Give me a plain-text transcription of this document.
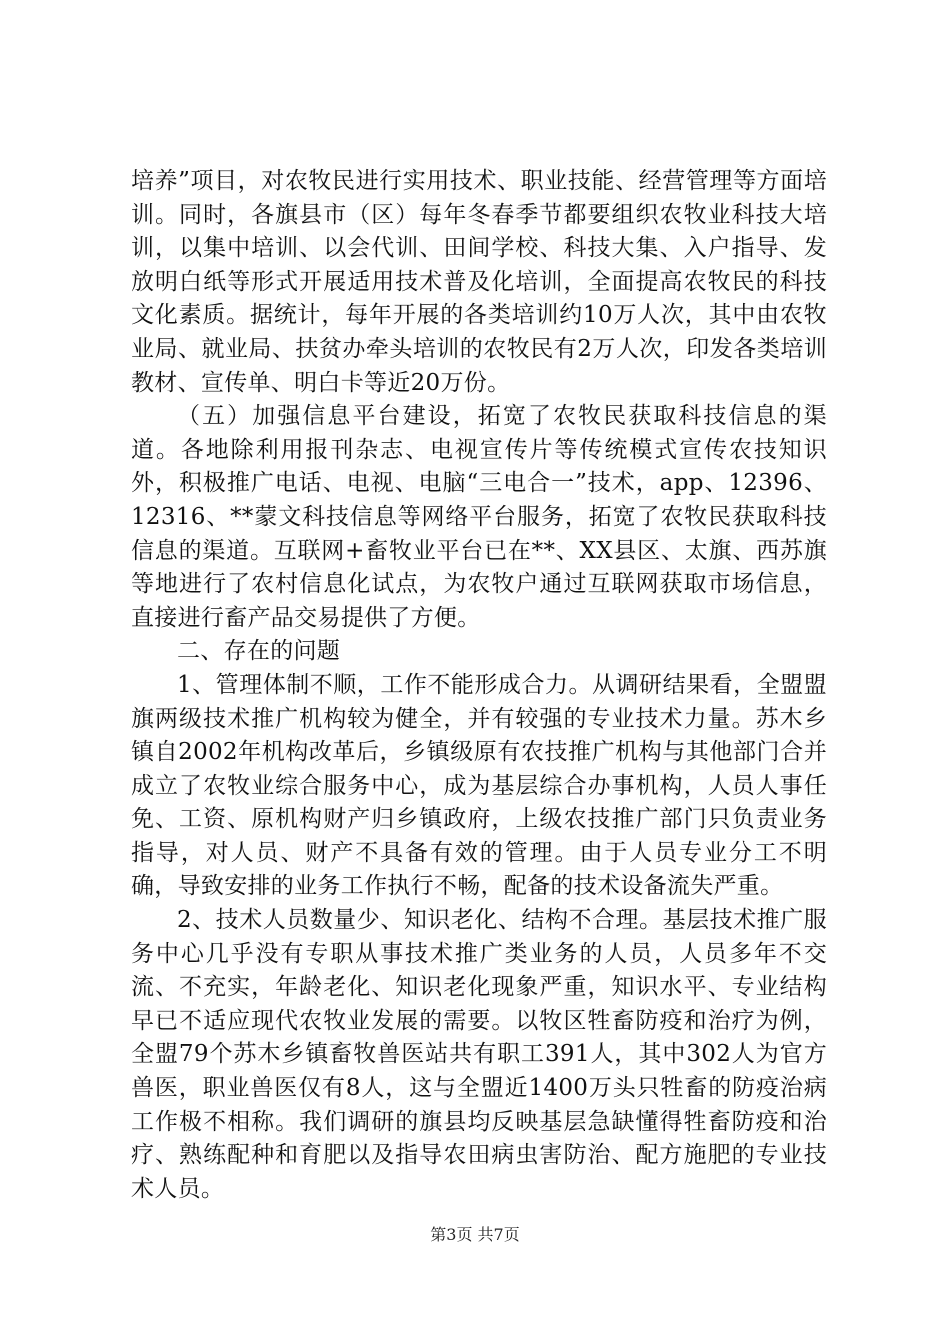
培养”项目，对农牧民进行实用技术、职业技能、经营管理等方面培训。同时，各旗县市（区）每年冬春季节都要组织农牧业科技大培训，以集中培训、以会代训、田间学校、科技大集、入户指导、发放明白纸等形式开展适用技术普及化培训，全面提高农牧民的科技文化素质。据统计，每年开展的各类培训约10万人次，其中由农牧业局、就业局、扶贫办牵头培训的农牧民有2万人次，印发各类培训教材、宣传单、明白卡等近20万份。

（五）加强信息平台建设，拓宽了农牧民获取科技信息的渠道。各地除利用报刊杂志、电视宣传片等传统模式宣传农技知识外，积极推广电话、电视、电脑“三电合一”技术，app、12396、12316、**蒙文科技信息等网络平台服务，拓宽了农牧民获取科技信息的渠道。互联网+畜牧业平台已在**、XX县区、太旗、西苏旗等地进行了农村信息化试点，为农牧户通过互联网获取市场信息，直接进行畜产品交易提供了方便。

二、存在的问题

1、管理体制不顺，工作不能形成合力。从调研结果看，全盟盟旗两级技术推广机构较为健全，并有较强的专业技术力量。苏木乡镇自2002年机构改革后，乡镇级原有农技推广机构与其他部门合并成立了农牧业综合服务中心，成为基层综合办事机构，人员人事任免、工资、原机构财产归乡镇政府，上级农技推广部门只负责业务指导，对人员、财产不具备有效的管理。由于人员专业分工不明确，导致安排的业务工作执行不畅，配备的技术设备流失严重。

2、技术人员数量少、知识老化、结构不合理。基层技术推广服务中心几乎没有专职从事技术推广类业务的人员，人员多年不交流、不充实，年龄老化、知识老化现象严重，知识水平、专业结构早已不适应现代农牧业发展的需要。以牧区牲畜防疫和治疗为例，全盟79个苏木乡镇畜牧兽医站共有职工391人，其中302人为官方兽医，职业兽医仅有8人，这与全盟近1400万头只牲畜的防疫治病工作极不相称。我们调研的旗县均反映基层急缺懂得牲畜防疫和治疗、熟练配种和育肥以及指导农田病虫害防治、配方施肥的专业技术人员。

第3页 共7页
